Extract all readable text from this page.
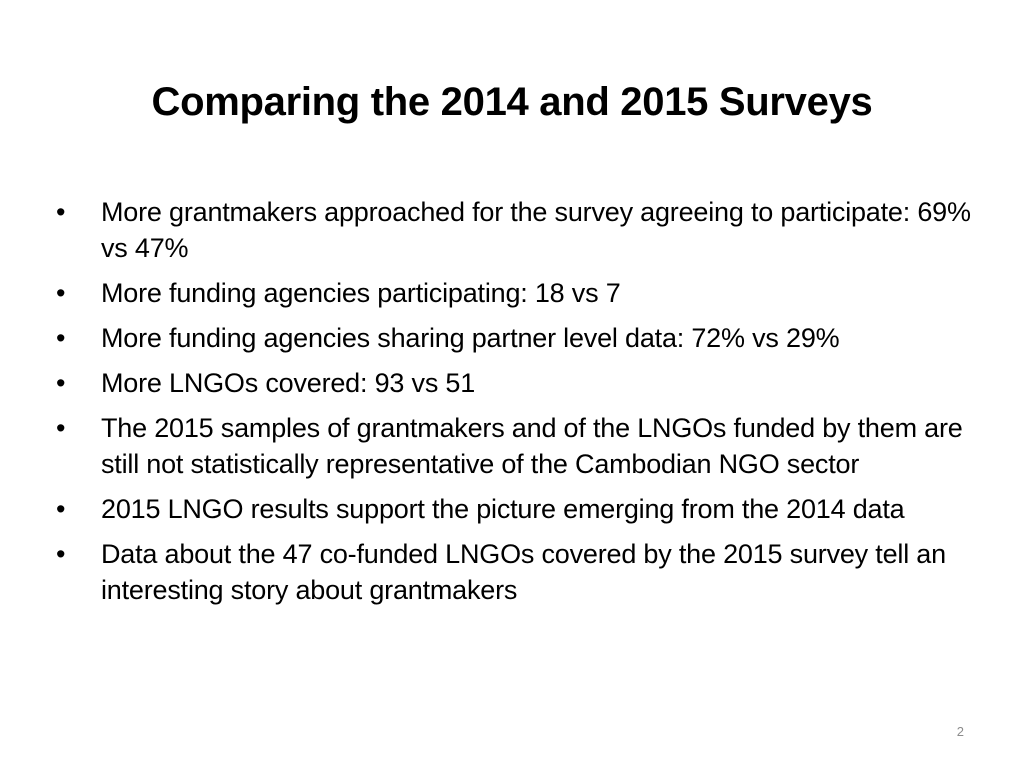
Comparing the 2014 and 2015 Surveys
•	More grantmakers approached for the survey agreeing to participate: 69% vs 47%
•	More funding agencies participating: 18 vs 7
•	More funding agencies sharing partner level data: 72% vs 29%
•	More LNGOs covered: 93 vs 51
•	The 2015 samples of grantmakers and of the LNGOs funded by them are still not statistically representative of the Cambodian NGO sector
•	2015 LNGO results support the picture emerging from the 2014 data
•	Data about the 47 co-funded LNGOs covered by the 2015 survey tell an interesting story about grantmakers
2
